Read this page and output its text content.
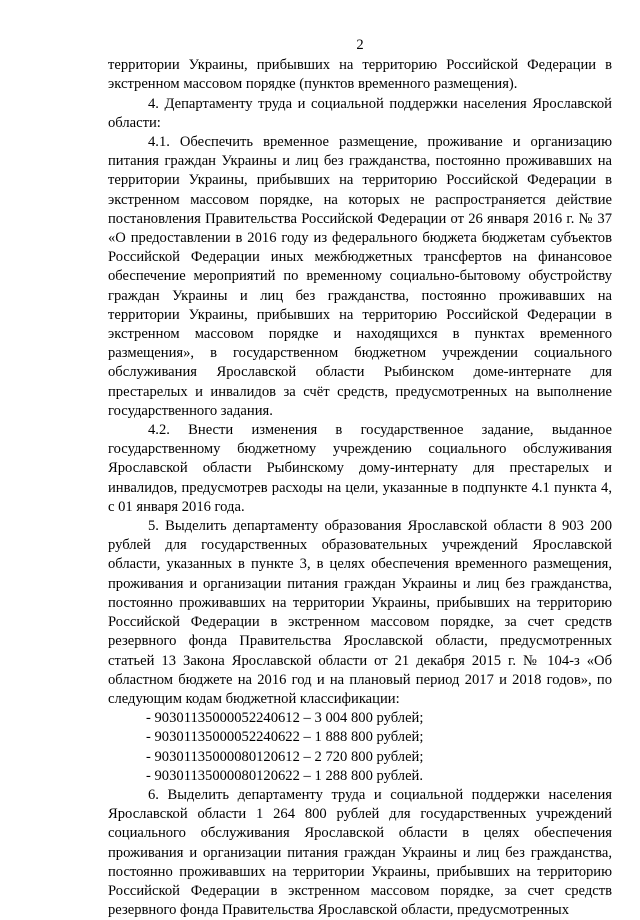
2

территории Украины, прибывших на территорию Российской Федерации в экстренном массовом порядке (пунктов временного размещения).

4. Департаменту труда и социальной поддержки населения Ярославской области:

4.1. Обеспечить временное размещение, проживание и организацию питания граждан Украины и лиц без гражданства, постоянно проживавших на территории Украины, прибывших на территорию Российской Федерации в экстренном массовом порядке, на которых не распространяется действие постановления Правительства Российской Федерации от 26 января 2016 г. № 37 «О предоставлении в 2016 году из федерального бюджета бюджетам субъектов Российской Федерации иных межбюджетных трансфертов на финансовое обеспечение мероприятий по временному социально-бытовому обустройству граждан Украины и лиц без гражданства, постоянно проживавших на территории Украины, прибывших на территорию Российской Федерации в экстренном массовом порядке и находящихся в пунктах временного размещения», в государственном бюджетном учреждении социального обслуживания Ярославской области Рыбинском доме-интернате для престарелых и инвалидов за счёт средств, предусмотренных на выполнение государственного задания.

4.2. Внести изменения в государственное задание, выданное государственному бюджетному учреждению социального обслуживания Ярославской области Рыбинскому дому-интернату для престарелых и инвалидов, предусмотрев расходы на цели, указанные в подпункте 4.1 пункта 4, с 01 января 2016 года.

5. Выделить департаменту образования Ярославской области 8 903 200 рублей для государственных образовательных учреждений Ярославской области, указанных в пункте 3, в целях обеспечения временного размещения, проживания и организации питания граждан Украины и лиц без гражданства, постоянно проживавших на территории Украины, прибывших на территорию Российской Федерации в экстренном массовом порядке, за счет средств резервного фонда Правительства Ярославской области, предусмотренных статьей 13 Закона Ярославской области от 21 декабря 2015 г. № 104-з «Об областном бюджете на 2016 год и на плановый период 2017 и 2018 годов», по следующим кодам бюджетной классификации:

- 90301135000052240612 – 3 004 800 рублей;
- 90301135000052240622 – 1 888 800 рублей;
- 90301135000080120612 – 2 720 800 рублей;
- 90301135000080120622 – 1 288 800 рублей.

6. Выделить департаменту труда и социальной поддержки населения Ярославской области 1 264 800 рублей для государственных учреждений социального обслуживания Ярославской области в целях обеспечения проживания и организации питания граждан Украины и лиц без гражданства, постоянно проживавших на территории Украины, прибывших на территорию Российской Федерации в экстренном массовом порядке, за счет средств резервного фонда Правительства Ярославской области, предусмотренных
